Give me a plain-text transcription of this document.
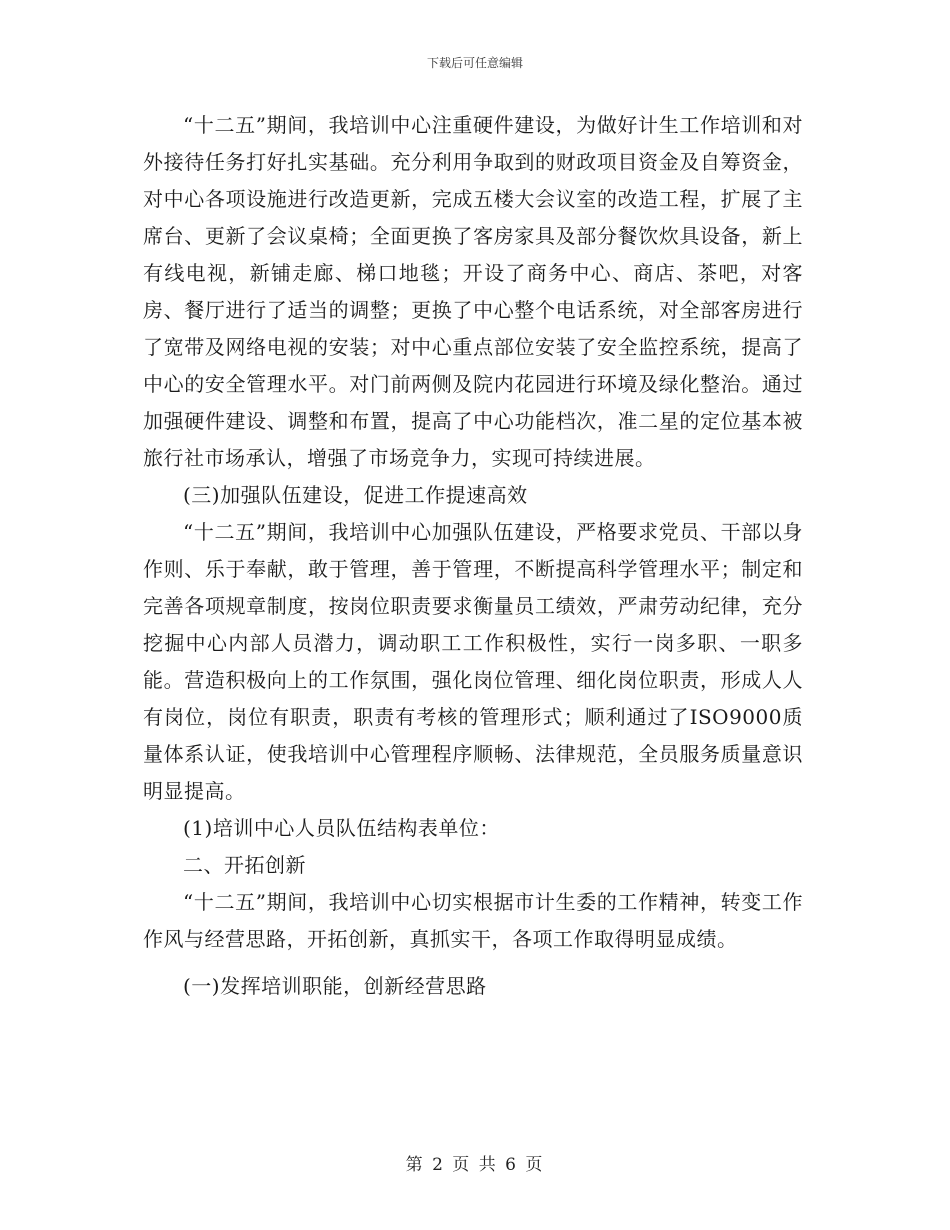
下载后可任意编辑

“十二五”期间，我培训中心注重硬件建设，为做好计生工作培训和对外接待任务打好扎实基础。充分利用争取到的财政项目资金及自筹资金，对中心各项设施进行改造更新，完成五楼大会议室的改造工程，扩展了主席台、更新了会议桌椅；全面更换了客房家具及部分餐饮炊具设备，新上有线电视，新铺走廊、梯口地毯；开设了商务中心、商店、茶吧，对客房、餐厅进行了适当的调整；更换了中心整个电话系统，对全部客房进行了宽带及网络电视的安装；对中心重点部位安装了安全监控系统，提高了中心的安全管理水平。对门前两侧及院内花园进行环境及绿化整治。通过加强硬件建设、调整和布置，提高了中心功能档次，准二星的定位基本被旅行社市场承认，增强了市场竞争力，实现可持续进展。

(三)加强队伍建设，促进工作提速高效

“十二五”期间，我培训中心加强队伍建设，严格要求党员、干部以身作则、乐于奉献，敢于管理，善于管理，不断提高科学管理水平；制定和完善各项规章制度，按岗位职责要求衡量员工绩效，严肃劳动纪律，充分挖掘中心内部人员潜力，调动职工工作积极性，实行一岗多职、一职多能。营造积极向上的工作氛围，强化岗位管理、细化岗位职责，形成人人有岗位，岗位有职责，职责有考核的管理形式；顺利通过了ISO9000质量体系认证，使我培训中心管理程序顺畅、法律规范，全员服务质量意识明显提高。

(1)培训中心人员队伍结构表单位：

二、开拓创新

“十二五”期间，我培训中心切实根据市计生委的工作精神，转变工作作风与经营思路，开拓创新，真抓实干，各项工作取得明显成绩。

(一)发挥培训职能，创新经营思路

第 2 页 共 6 页
